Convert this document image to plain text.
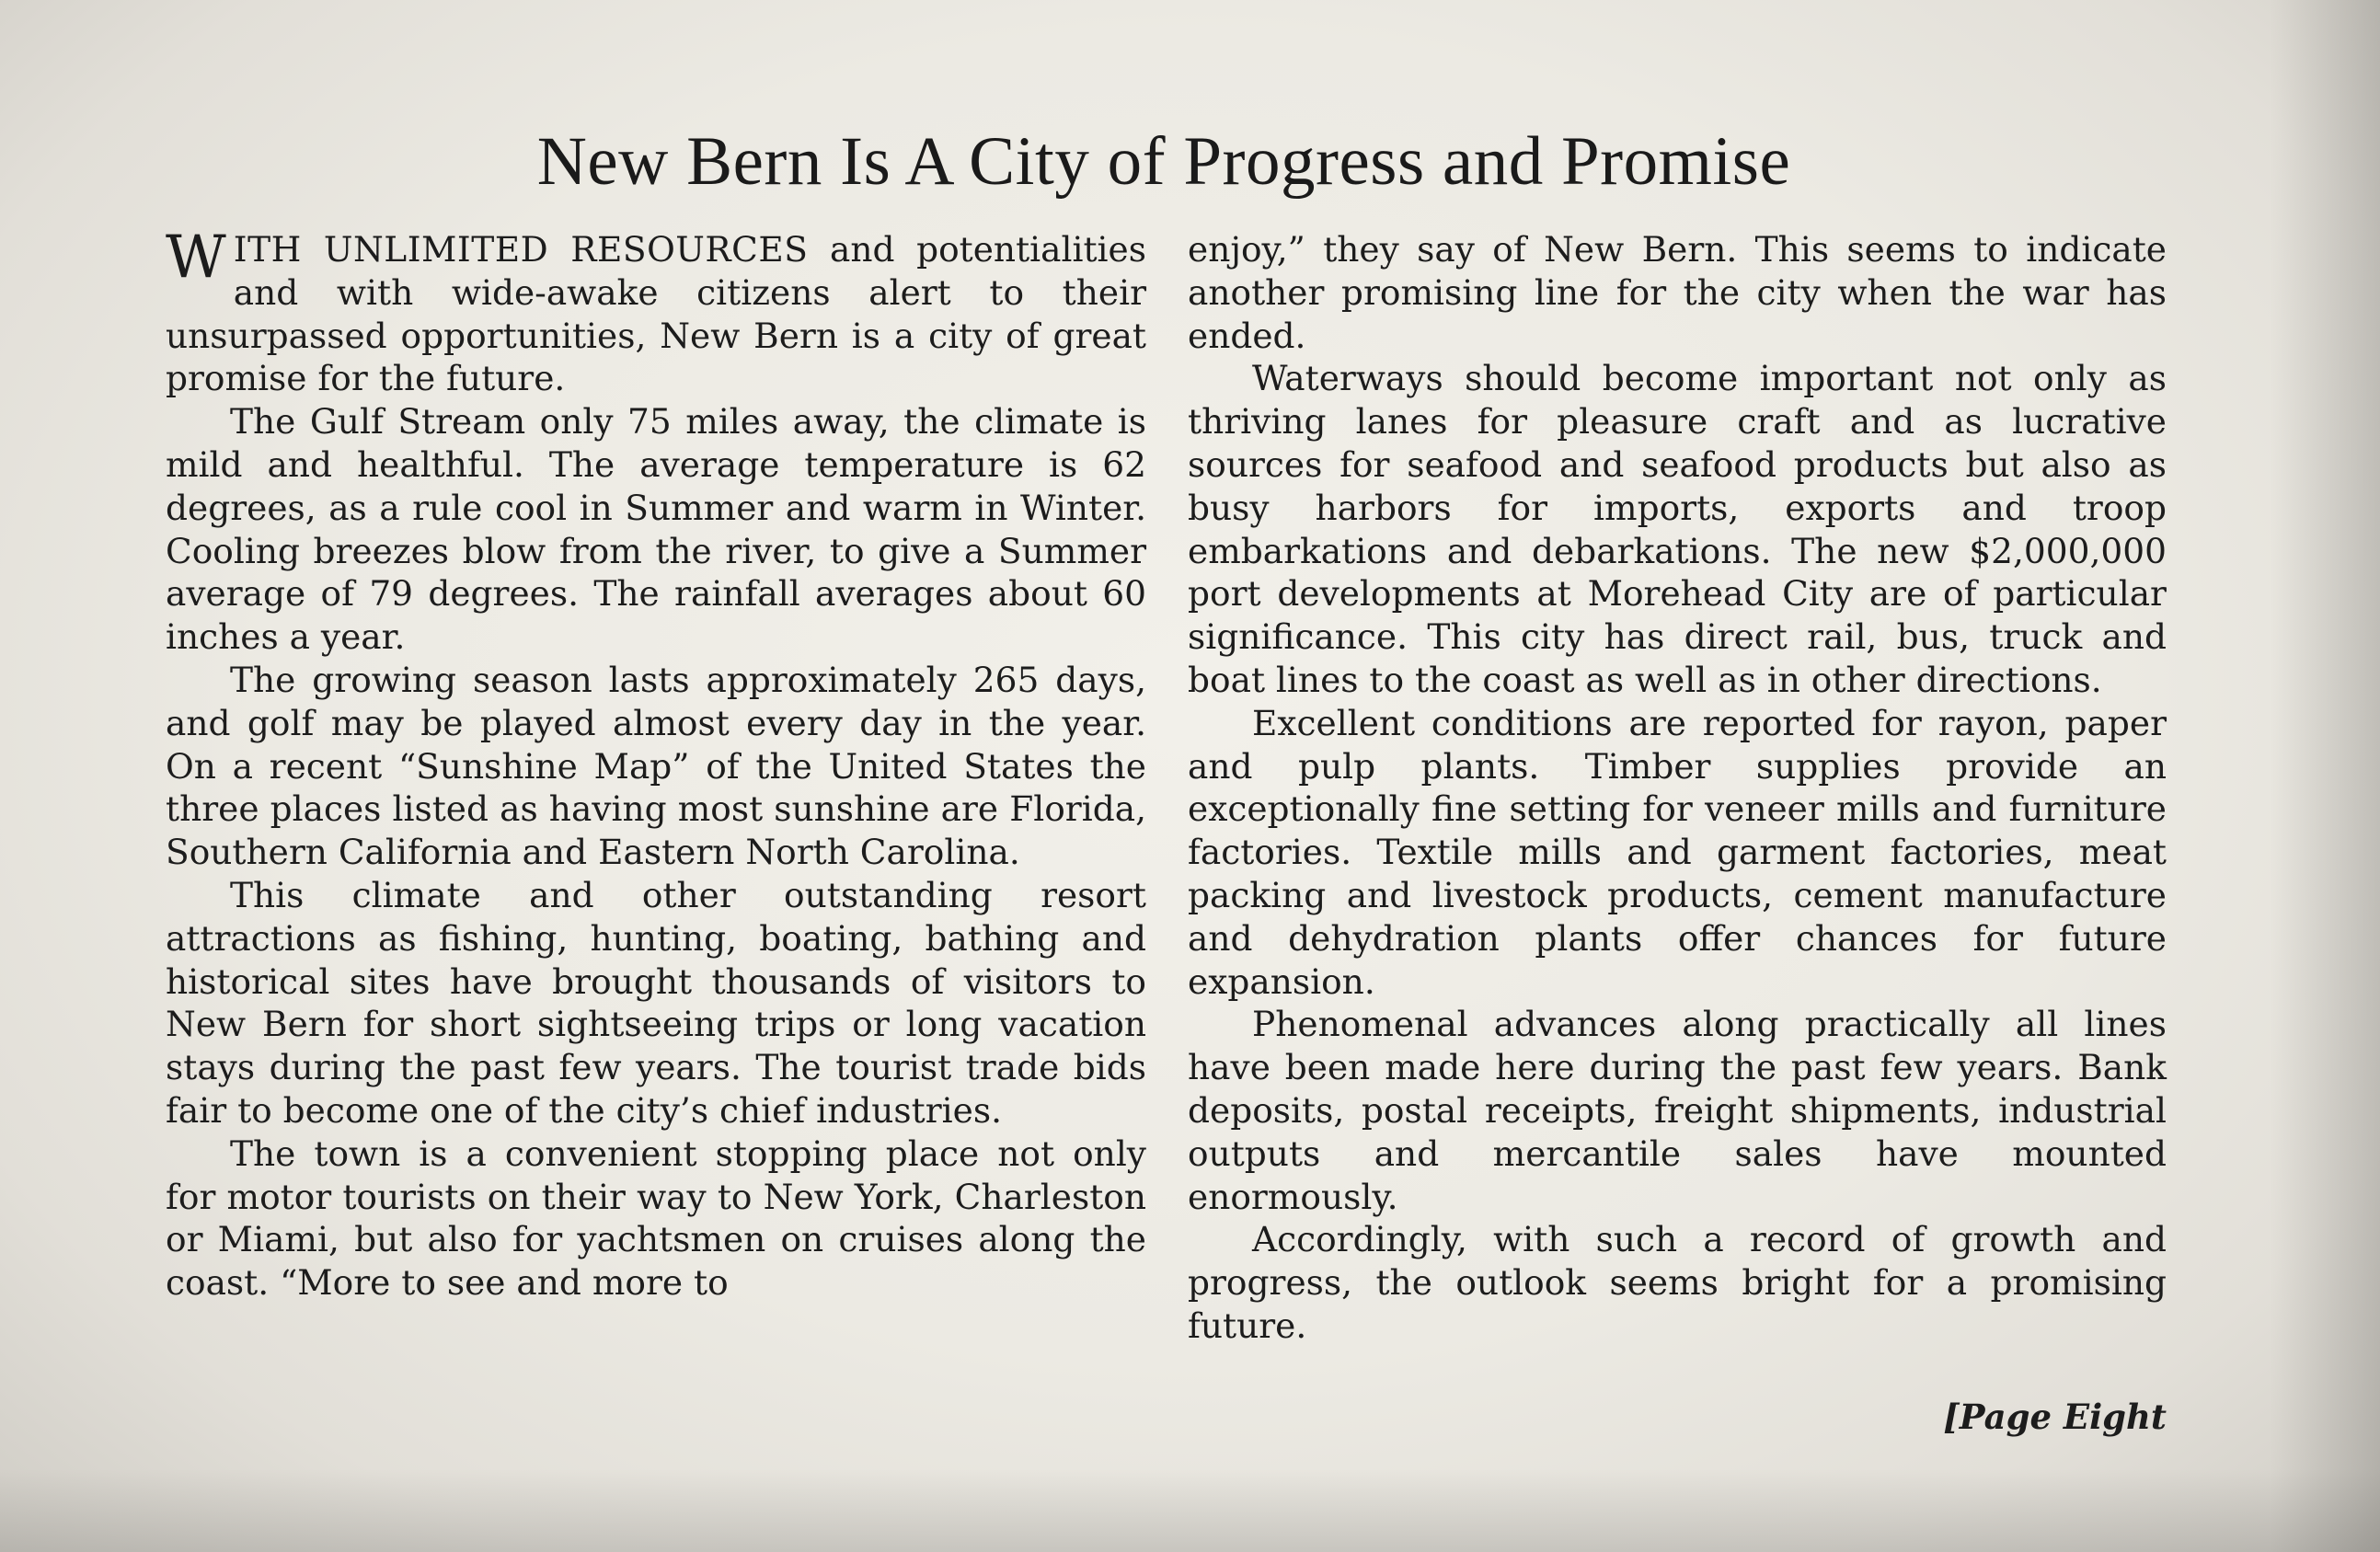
New Bern Is A City of Progress and Promise

WITH UNLIMITED RESOURCES and potentialities and with wide-awake citizens alert to their unsurpassed opportunities, New Bern is a city of great promise for the future.

The Gulf Stream only 75 miles away, the climate is mild and healthful. The average temperature is 62 degrees, as a rule cool in Summer and warm in Winter. Cooling breezes blow from the river, to give a Summer average of 79 degrees. The rainfall averages about 60 inches a year.

The growing season lasts approximately 265 days, and golf may be played almost every day in the year. On a recent “Sunshine Map” of the United States the three places listed as having most sunshine are Florida, Southern California and Eastern North Carolina.

This climate and other outstanding resort attractions as fishing, hunting, boating, bathing and historical sites have brought thousands of visitors to New Bern for short sightseeing trips or long vacation stays during the past few years. The tourist trade bids fair to become one of the city’s chief industries.

The town is a convenient stopping place not only for motor tourists on their way to New York, Charleston or Miami, but also for yachtsmen on cruises along the coast. “More to see and more to

enjoy,” they say of New Bern. This seems to indicate another promising line for the city when the war has ended.

Waterways should become important not only as thriving lanes for pleasure craft and as lucrative sources for seafood and seafood products but also as busy harbors for imports, exports and troop embarkations and debarkations. The new $2,000,000 port developments at Morehead City are of particular significance. This city has direct rail, bus, truck and boat lines to the coast as well as in other directions.

Excellent conditions are reported for rayon, paper and pulp plants. Timber supplies provide an exceptionally fine setting for veneer mills and furniture factories. Textile mills and garment factories, meat packing and livestock products, cement manufacture and dehydration plants offer chances for future expansion.

Phenomenal advances along practically all lines have been made here during the past few years. Bank deposits, postal receipts, freight shipments, industrial outputs and mercantile sales have mounted enormously.

Accordingly, with such a record of growth and progress, the outlook seems bright for a promising future.

[Page Eight
